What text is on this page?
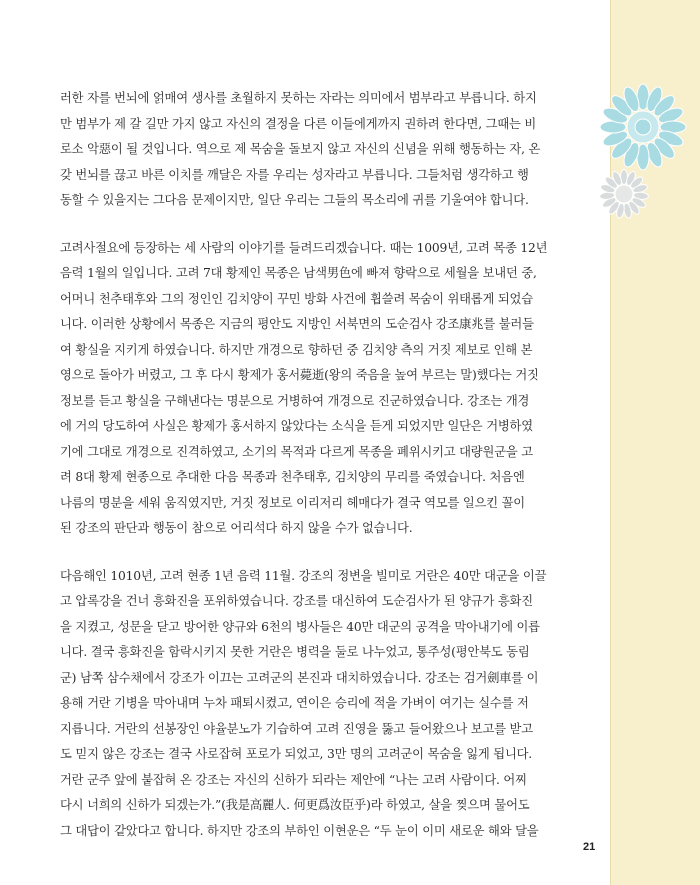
러한 자를 번뇌에 얽매여 생사를 초월하지 못하는 자라는 의미에서 범부라고 부릅니다. 하지
만 범부가 제 갈 길만 가지 않고 자신의 결정을 다른 이들에게까지 권하려 한다면, 그때는 비
로소 악惡이 될 것입니다. 역으로 제 목숨을 돌보지 않고 자신의 신념을 위해 행동하는 자, 온
갖 번뇌를 끊고 바른 이치를 깨달은 자를 우리는 성자라고 부릅니다. 그들처럼 생각하고 행
동할 수 있을지는 그다음 문제이지만, 일단 우리는 그들의 목소리에 귀를 기울여야 합니다.
고려사절요에 등장하는 세 사람의 이야기를 들려드리겠습니다. 때는 1009년, 고려 목종 12년
음력 1월의 일입니다. 고려 7대 황제인 목종은 남색男色에 빠져 향락으로 세월을 보내던 중,
어머니 천추태후와 그의 정인인 김치양이 꾸민 방화 사건에 휩쓸려 목숨이 위태롭게 되었습
니다. 이러한 상황에서 목종은 지금의 평안도 지방인 서북면의 도순검사 강조康兆를 불러들
여 황실을 지키게 하였습니다. 하지만 개경으로 향하던 중 김치양 측의 거짓 제보로 인해 본
영으로 돌아가 버렸고, 그 후 다시 황제가 홍서薨逝(왕의 죽음을 높여 부르는 말)했다는 거짓
정보를 듣고 황실을 구해낸다는 명분으로 거병하여 개경으로 진군하였습니다. 강조는 개경
에 거의 당도하여 사실은 황제가 홍서하지 않았다는 소식을 듣게 되었지만 일단은 거병하였
기에 그대로 개경으로 진격하였고, 소기의 목적과 다르게 목종을 폐위시키고 대량원군을 고
려 8대 황제 현종으로 추대한 다음 목종과 천추태후, 김치양의 무리를 죽였습니다. 처음엔
나름의 명분을 세워 움직였지만, 거짓 정보로 이리저리 헤매다가 결국 역모를 일으킨 꼴이
된 강조의 판단과 행동이 참으로 어리석다 하지 않을 수가 없습니다.
다음해인 1010년, 고려 현종 1년 음력 11월. 강조의 정변을 빌미로 거란은 40만 대군을 이끌
고 압록강을 건너 흥화진을 포위하였습니다. 강조를 대신하여 도순검사가 된 양규가 흥화진
을 지켰고, 성문을 닫고 방어한 양규와 6천의 병사들은 40만 대군의 공격을 막아내기에 이릅
니다. 결국 흥화진을 함락시키지 못한 거란은 병력을 둘로 나누었고, 통주성(평안북도 동림
군) 남쪽 삼수채에서 강조가 이끄는 고려군의 본진과 대치하였습니다. 강조는 검거劍車를 이
용해 거란 기병을 막아내며 누차 패퇴시켰고, 연이은 승리에 적을 가벼이 여기는 실수를 저
지릅니다. 거란의 선봉장인 야율분노가 기습하여 고려 진영을 뚫고 들어왔으나 보고를 받고
도 믿지 않은 강조는 결국 사로잡혀 포로가 되었고, 3만 명의 고려군이 목숨을 잃게 됩니다.
거란 군주 앞에 붙잡혀 온 강조는 자신의 신하가 되라는 제안에 “나는 고려 사람이다. 어찌
다시 너희의 신하가 되겠는가.”(我是高麗人. 何更爲汝臣乎)라 하였고, 살을 찢으며 물어도
그 대답이 같았다고 합니다. 하지만 강조의 부하인 이현운은 “두 눈이 이미 새로운 해와 달을
21
